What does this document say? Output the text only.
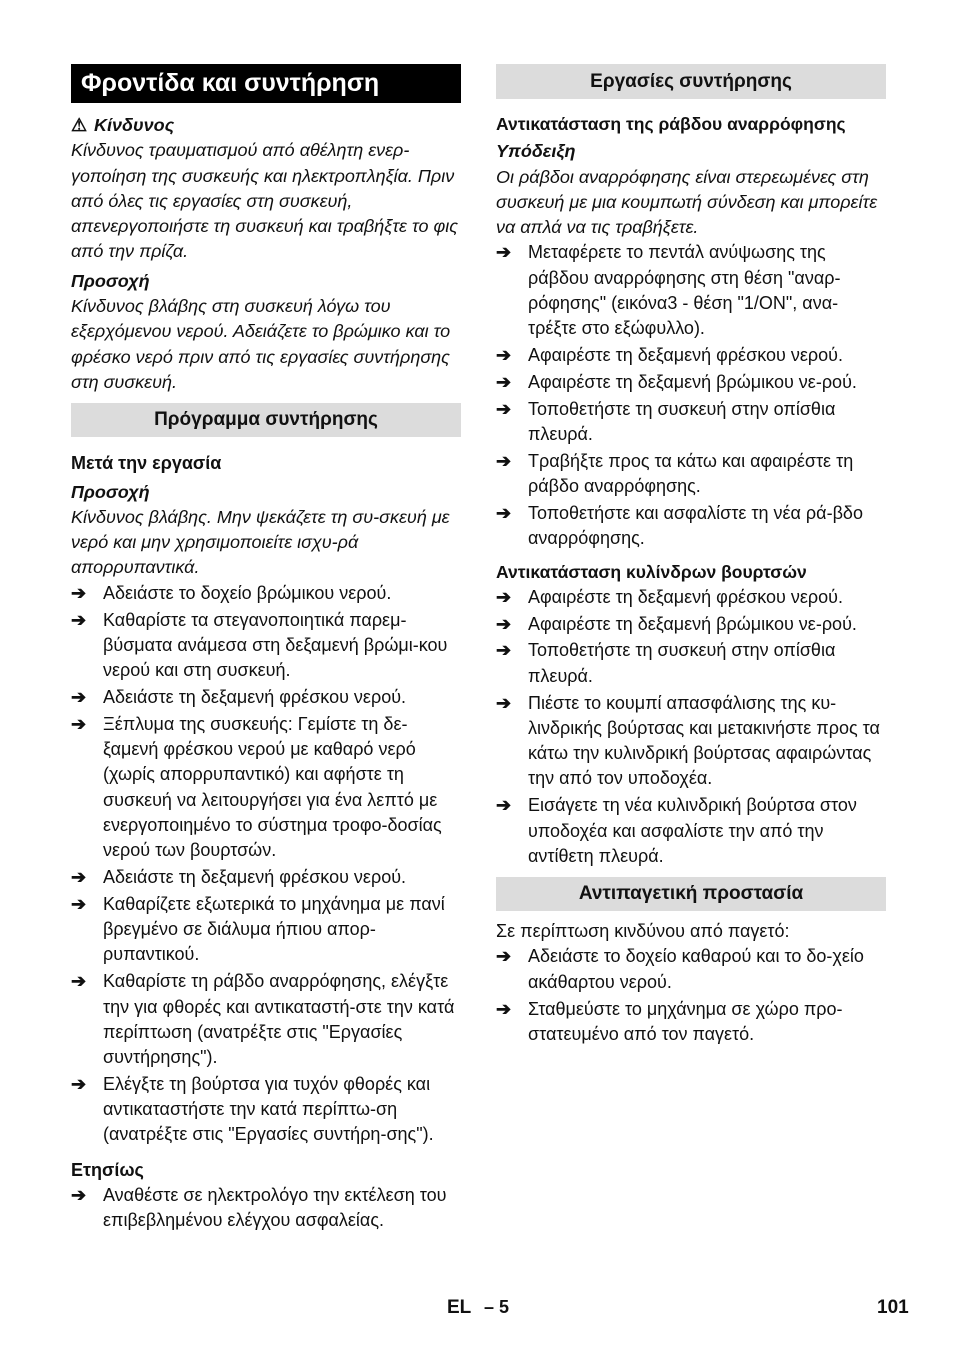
Φροντίδα και συντήρηση
⚠ Κίνδυνος
Κίνδυνος τραυματισμού από αθέλητη ενερ-γοποίηση της συσκευής και ηλεκτροπληξία. Πριν από όλες τις εργασίες στη συσκευή, απενεργοποιήστε τη συσκευή και τραβήξτε το φις από την πρίζα.
Προσοχή
Κίνδυνος βλάβης στη συσκευή λόγω του εξερχόμενου νερού. Αδειάζετε το βρώμικο και το φρέσκο νερό πριν από τις εργασίες συντήρησης στη συσκευή.
Πρόγραμμα συντήρησης
Μετά την εργασία
Προσοχή
Κίνδυνος βλάβης. Μην ψεκάζετε τη συ-σκευή με νερό και μην χρησιμοποιείτε ισχυ-ρά απορρυπαντικά.
➔ Αδειάστε το δοχείο βρώμικου νερού.
➔ Καθαρίστε τα στεγανοποιητικά παρεμ-βύσματα ανάμεσα στη δεξαμενή βρώμι-κου νερού και στη συσκευή.
➔ Αδειάστε τη δεξαμενή φρέσκου νερού.
➔ Ξέπλυμα της συσκευής: Γεμίστε τη δε-ξαμενή φρέσκου νερού με καθαρό νερό (χωρίς απορρυπαντικό) και αφήστε τη συσκευή να λειτουργήσει για ένα λεπτό με ενεργοποιημένο το σύστημα τροφο-δοσίας νερού των βουρτσών.
➔ Αδειάστε τη δεξαμενή φρέσκου νερού.
➔ Καθαρίζετε εξωτερικά το μηχάνημα με πανί βρεγμένο σε διάλυμα ήπιου απορ-ρυπαντικού.
➔ Καθαρίστε τη ράβδο αναρρόφησης, ελέγξτε την για φθορές και αντικαταστή-στε την κατά περίπτωση (ανατρέξτε στις "Εργασίες συντήρησης").
➔ Ελέγξτε τη βούρτσα για τυχόν φθορές και αντικαταστήστε την κατά περίπτω-ση (ανατρέξτε στις "Εργασίες συντήρη-σης").
Ετησίως
➔ Αναθέστε σε ηλεκτρολόγο την εκτέλεση του επιβεβλημένου ελέγχου ασφαλείας.
Εργασίες συντήρησης
Αντικατάσταση της ράβδου αναρρόφησης
Υπόδειξη
Οι ράβδοι αναρρόφησης είναι στερεωμένες στη συσκευή με μια κουμπωτή σύνδεση και μπορείτε να απλά να τις τραβήξετε.
➔ Μεταφέρετε το πεντάλ ανύψωσης της ράβδου αναρρόφησης στη θέση "αναρ-ρόφησης" (εικόνα3 - θέση "1/ON", ανα-τρέξτε στο εξώφυλλο).
➔ Αφαιρέστε τη δεξαμενή φρέσκου νερού.
➔ Αφαιρέστε τη δεξαμενή βρώμικου νε-ρού.
➔ Τοποθετήστε τη συσκευή στην οπίσθια πλευρά.
➔ Τραβήξτε προς τα κάτω και αφαιρέστε τη ράβδο αναρρόφησης.
➔ Τοποθετήστε και ασφαλίστε τη νέα ρά-βδο αναρρόφησης.
Αντικατάσταση κυλίνδρων βουρτσών
➔ Αφαιρέστε τη δεξαμενή φρέσκου νερού.
➔ Αφαιρέστε τη δεξαμενή βρώμικου νε-ρού.
➔ Τοποθετήστε τη συσκευή στην οπίσθια πλευρά.
➔ Πιέστε το κουμπί απασφάλισης της κυ-λινδρικής βούρτσας και μετακινήστε προς τα κάτω την κυλινδρική βούρτσας αφαιρώντας την από τον υποδοχέα.
➔ Εισάγετε τη νέα κυλινδρική βούρτσα στον υποδοχέα και ασφαλίστε την από την αντίθετη πλευρά.
Αντιπαγετική προστασία
Σε περίπτωση κινδύνου από παγετό:
➔ Αδειάστε το δοχείο καθαρού και το δο-χείο ακάθαρτου νερού.
➔ Σταθμεύστε το μηχάνημα σε χώρο προ-στατευμένο από τον παγετό.
EL – 5	101
